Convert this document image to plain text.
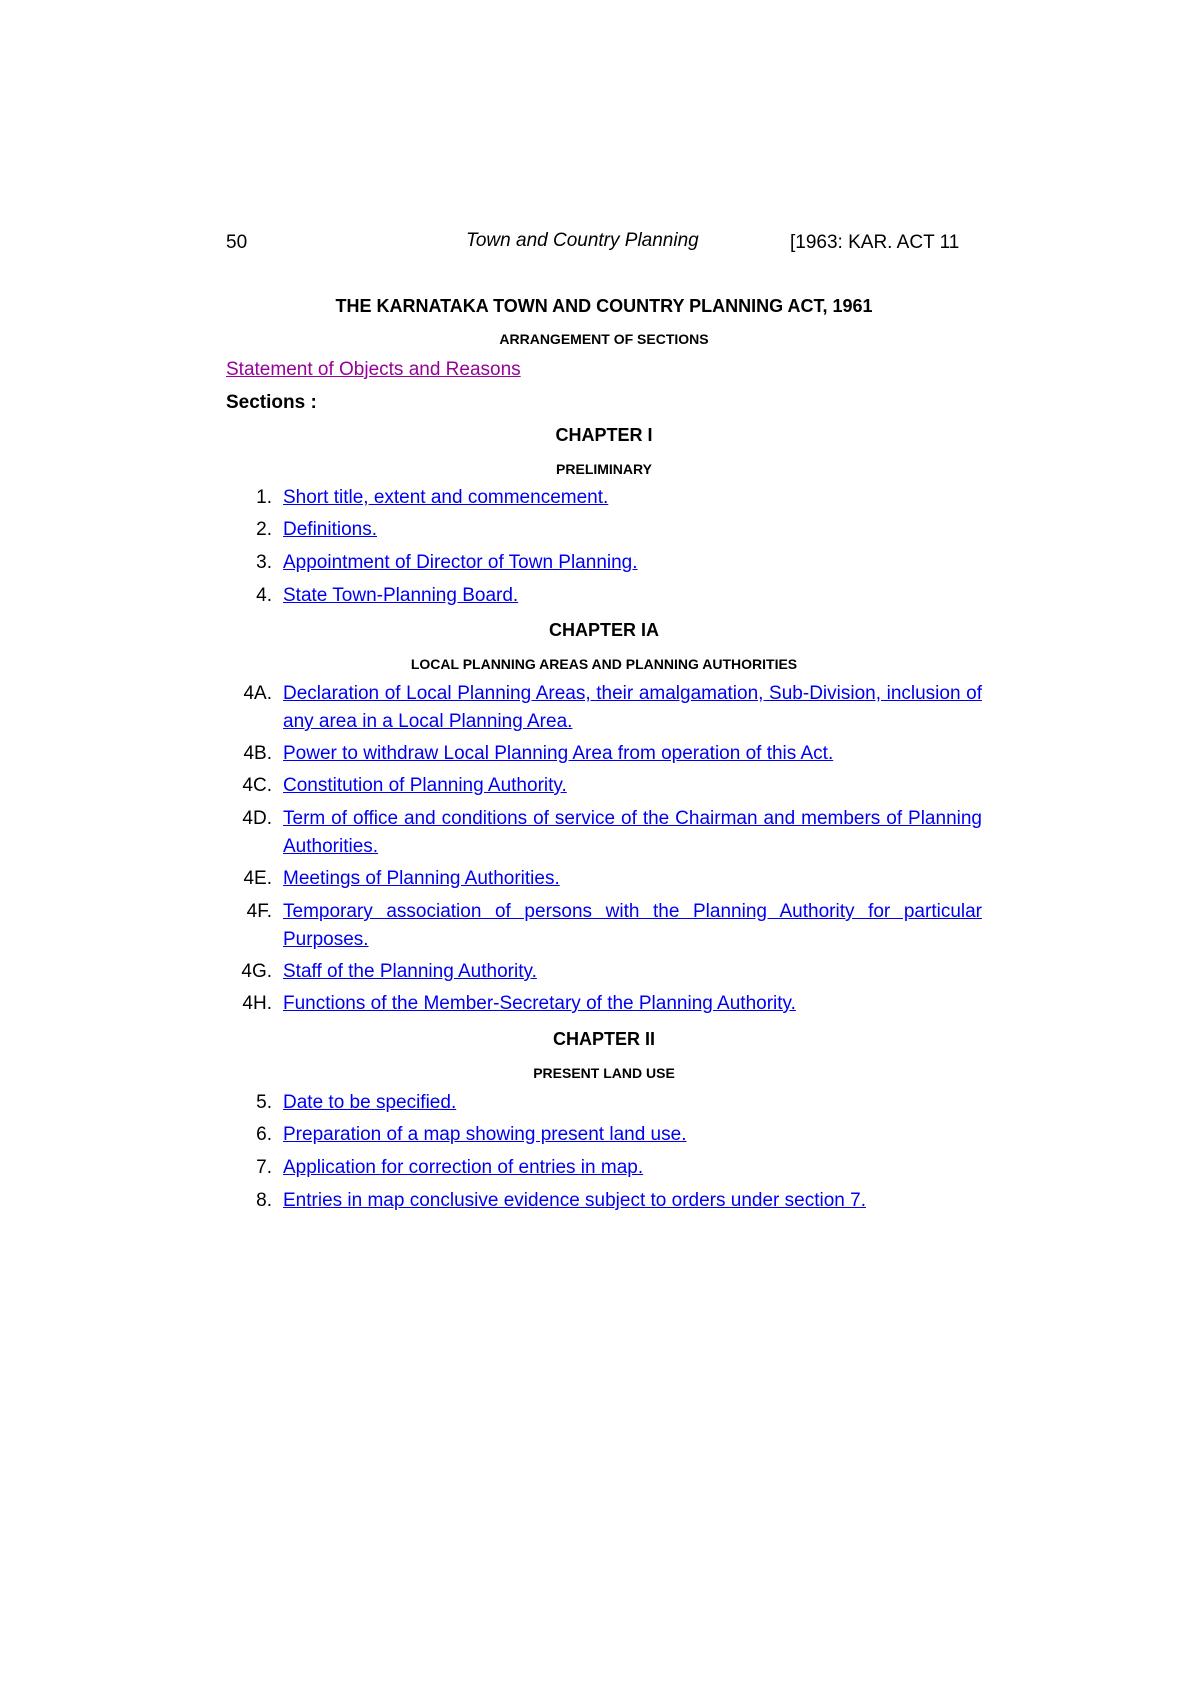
50	Town and Country Planning	[1963: KAR. ACT 11
THE KARNATAKA TOWN AND COUNTRY PLANNING ACT, 1961
ARRANGEMENT OF SECTIONS
Statement of Objects and Reasons
Sections :
CHAPTER I
PRELIMINARY
1. Short title, extent and commencement.
2. Definitions.
3. Appointment of Director of Town Planning.
4. State Town-Planning Board.
CHAPTER IA
LOCAL PLANNING AREAS AND PLANNING AUTHORITIES
4A. Declaration of Local Planning Areas, their amalgamation, Sub-Division, inclusion of any area in a Local Planning Area.
4B. Power to withdraw Local Planning Area from operation of this Act.
4C. Constitution of Planning Authority.
4D. Term of office and conditions of service of the Chairman and members of Planning Authorities.
4E. Meetings of Planning Authorities.
4F. Temporary association of persons with the Planning Authority for particular Purposes.
4G. Staff of the Planning Authority.
4H. Functions of the Member-Secretary of the Planning Authority.
CHAPTER II
PRESENT LAND USE
5. Date to be specified.
6. Preparation of a map showing present land use.
7. Application for correction of entries in map.
8. Entries in map conclusive evidence subject to orders under section 7.
